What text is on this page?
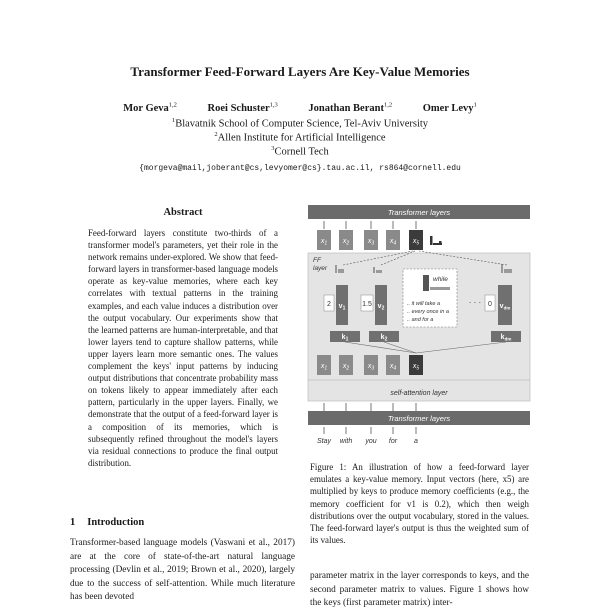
Transformer Feed-Forward Layers Are Key-Value Memories
Mor Geva$^{1,2}$	Roei Schuster$^{1,3}$	Jonathan Berant$^{1,2}$	Omer Levy$^1$
$^1$Blavatnik School of Computer Science, Tel-Aviv University
$^2$Allen Institute for Artificial Intelligence
$^3$Cornell Tech
{morgeva@mail,joberant@cs,levyomer@cs}.tau.ac.il, rs864@cornell.edu
Abstract
Feed-forward layers constitute two-thirds of a transformer model's parameters, yet their role in the network remains under-explored. We show that feed-forward layers in transformer-based language models operate as key-value memories, where each key correlates with textual patterns in the training examples, and each value induces a distribution over the output vocabulary. Our experiments show that the learned patterns are human-interpretable, and that lower layers tend to capture shallow patterns, while upper layers learn more semantic ones. The values complement the keys' input patterns by inducing output distributions that concentrate probability mass on tokens likely to appear immediately after each pattern, particularly in the upper layers. Finally, we demonstrate that the output of a feed-forward layer is a composition of its memories, which is subsequently refined throughout the model's layers via residual connections to produce the final output distribution.
1 Introduction
Transformer-based language models (Vaswani et al., 2017) are at the core of state-of-the-art natural language processing (Devlin et al., 2019; Brown et al., 2020), largely due to the success of self-attention. While much literature has been devoted
Transformer layers
$x_1$ $x_2$	$x_3$ $x_4$ $x_5$
FF
layer
while
.. it will take a
.. every once in a
.. and for a
2 $v_1$
1.5 $v_2$
· · · 0 $v_{dm}$
$k_1$	$k_2$	$k_{dm}$
$x_1$ $x_2$	$x_3$ $x_4$ $x_5$
self-attention layer
Transformer layers
Stay with you for a
Figure 1: An illustration of how a feed-forward layer emulates a key-value memory. Input vectors (here, x5) are multiplied by keys to produce memory coefficients (e.g., the memory coefficient for v1 is 0.2), which then weigh distributions over the output vocabulary, stored in the values. The feed-forward layer's output is thus the weighted sum of its values.
parameter matrix in the layer corresponds to keys, and the second parameter matrix to values. Figure 1 shows how the keys (first parameter matrix) inter-
